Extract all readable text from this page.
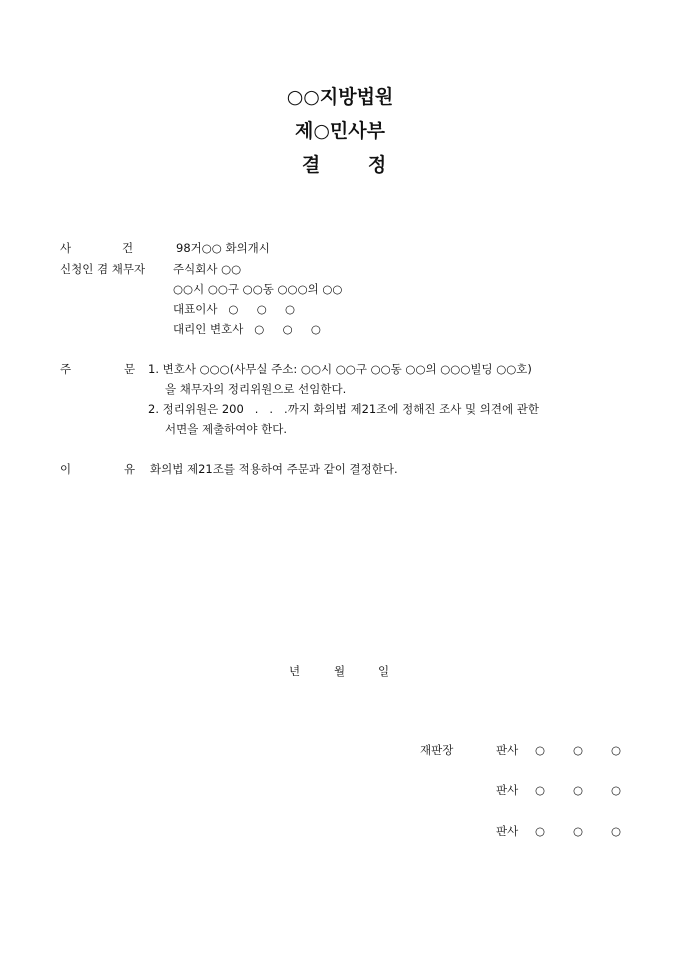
○○지방법원
제○민사부
결	정
사	건	98거○○ 화의개시
신청인 겸 채무자 주식회사 ○○
○○시 ○○구 ○○동 ○○○의 ○○
대표이사   ○     ○     ○
대리인 변호사   ○     ○     ○
주	문 1. 변호사 ○○○(사무실 주소: ○○시 ○○구 ○○동 ○○의 ○○○빌딩 ○○호)
을 채무자의 정리위원으로 선임한다.
2. 정리위원은 200   .   .   .까지 화의법 제21조에 정해진 조사 및 의견에 관한
서면을 제출하여야 한다.
이	유 화의법 제21조를 적용하여 주문과 같이 결정한다.
년	월	일
재판장	판사 ○ ○ ○
판사 ○ ○ ○
판사 ○ ○ ○
